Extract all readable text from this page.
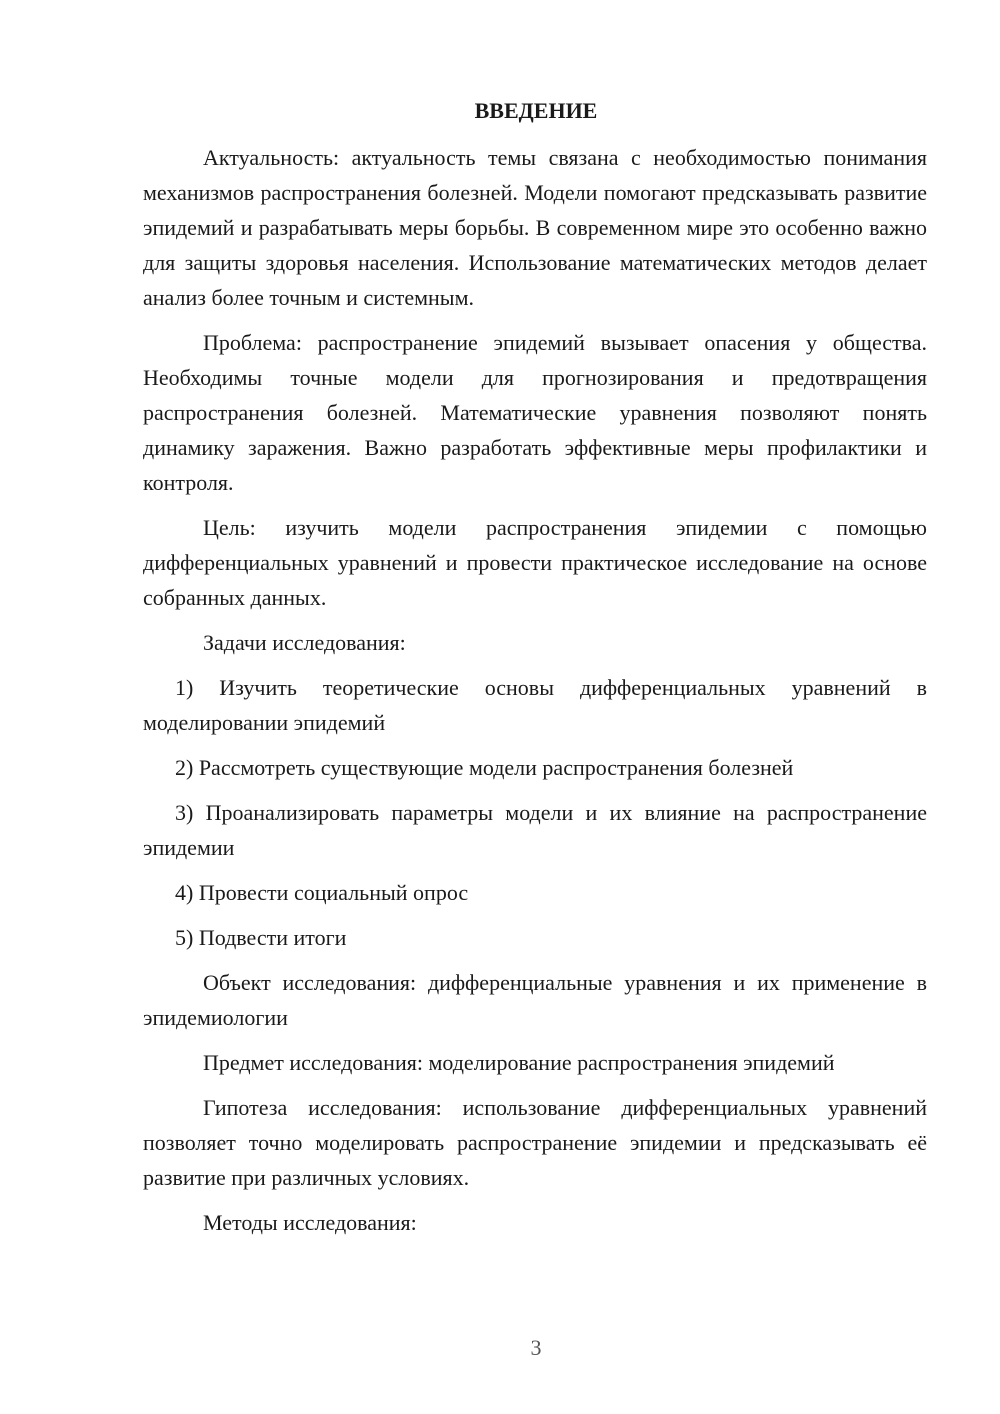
ВВЕДЕНИЕ

Актуальность: актуальность темы связана с необходимостью понимания механизмов распространения болезней. Модели помогают предсказывать развитие эпидемий и разрабатывать меры борьбы. В современном мире это особенно важно для защиты здоровья населения. Использование математических методов делает анализ более точным и системным.

Проблема: распространение эпидемий вызывает опасения у общества. Необходимы точные модели для прогнозирования и предотвращения распространения болезней. Математические уравнения позволяют понять динамику заражения. Важно разработать эффективные меры профилактики и контроля.

Цель: изучить модели распространения эпидемии с помощью дифференциальных уравнений и провести практическое исследование на основе собранных данных.

Задачи исследования:

1) Изучить теоретические основы дифференциальных уравнений в моделировании эпидемий

2) Рассмотреть существующие модели распространения болезней

3) Проанализировать параметры модели и их влияние на распространение эпидемии

4) Провести социальный опрос

5) Подвести итоги

Объект исследования: дифференциальные уравнения и их применение в эпидемиологии

Предмет исследования: моделирование распространения эпидемий

Гипотеза исследования: использование дифференциальных уравнений позволяет точно моделировать распространение эпидемии и предсказывать её развитие при различных условиях.

Методы исследования:

3
